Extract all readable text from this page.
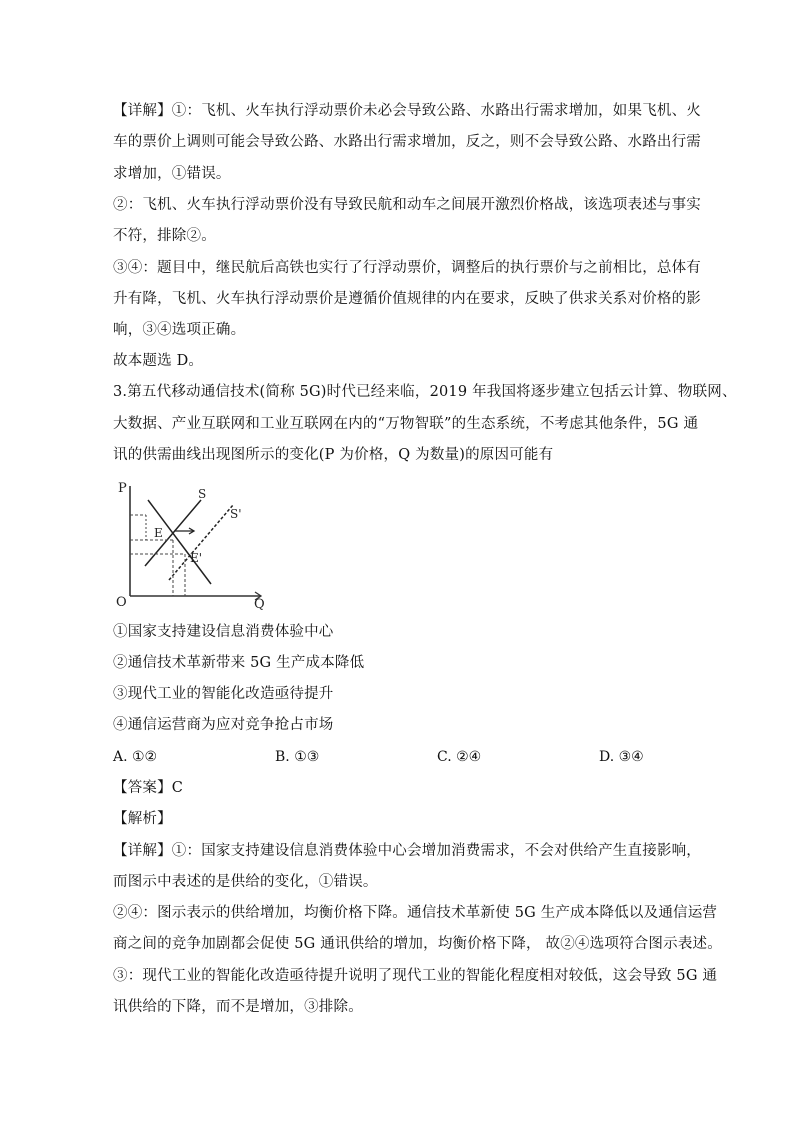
【详解】①：飞机、火车执行浮动票价未必会导致公路、水路出行需求增加，如果飞机、火

车的票价上调则可能会导致公路、水路出行需求增加，反之，则不会导致公路、水路出行需

求增加，①错误。

②：飞机、火车执行浮动票价没有导致民航和动车之间展开激烈价格战，该选项表述与事实

不符，排除②。

③④：题目中，继民航后高铁也实行了行浮动票价，调整后的执行票价与之前相比，总体有

升有降，飞机、火车执行浮动票价是遵循价值规律的内在要求，反映了供求关系对价格的影

响，③④选项正确。

故本题选 D。

3.第五代移动通信技术(简称 5G)时代已经来临，2019 年我国将逐步建立包括云计算、物联网、

大数据、产业互联网和工业互联网在内的“万物智联”的生态系统，不考虑其他条件，5G 通

讯的供需曲线出现图所示的变化(P 为价格，Q 为数量)的原因可能有

P
O	Q
S
S'
E
E'

①国家支持建设信息消费体验中心

②通信技术革新带来 5G 生产成本降低

③现代工业的智能化改造亟待提升

④通信运营商为应对竞争抢占市场

A. ①②	B. ①③	C. ②④	D. ③④

【答案】C

【解析】

【详解】①：国家支持建设信息消费体验中心会增加消费需求，不会对供给产生直接影响，

而图示中表述的是供给的变化，①错误。

②④：图示表示的供给增加，均衡价格下降。通信技术革新使 5G 生产成本降低以及通信运营

商之间的竞争加剧都会促使 5G 通讯供给的增加，均衡价格下降， 故②④选项符合图示表述。

③：现代工业的智能化改造亟待提升说明了现代工业的智能化程度相对较低，这会导致 5G 通

讯供给的下降，而不是增加，③排除。
